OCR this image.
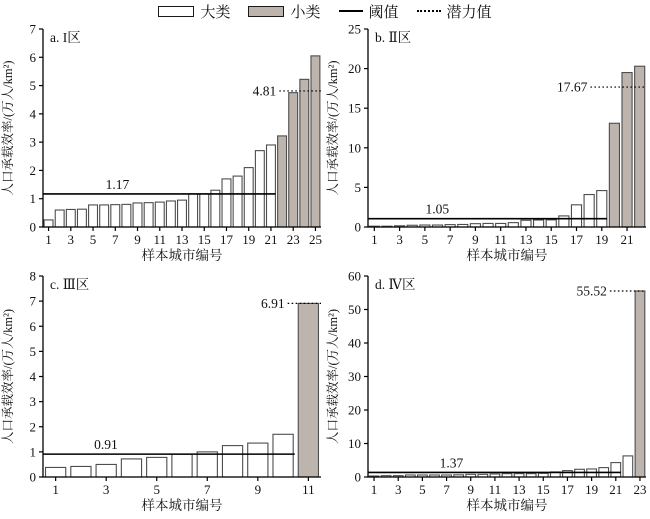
大类	小类	阈值	潜力值
0
1
2
3
4
5
6
7
1 3 5 7 9 11 13 15 17 19 21 23 25
1.17
4.81
a. I区
样本城市编号
人口承载效率/(万人/km²)
0
5
10
15
20
25
1 3 5 7 9 11 13 15 17 19 21
1.05
17.67
b. Ⅱ区
样本城市编号
人口承载效率/(万人/km²)
0
1
2
3
4
5
6
7
8
1	3	5	7	9	11
0.91
6.91
c. Ⅲ区
样本城市编号
人口承载效率/(万人/km²)
0
10
20
30
40
50
60
1 3 5 7 9 11 13 15 17 19 21 23
1.37
55.52
d. Ⅳ区
样本城市编号
人口承载效率/(万人/km²)
